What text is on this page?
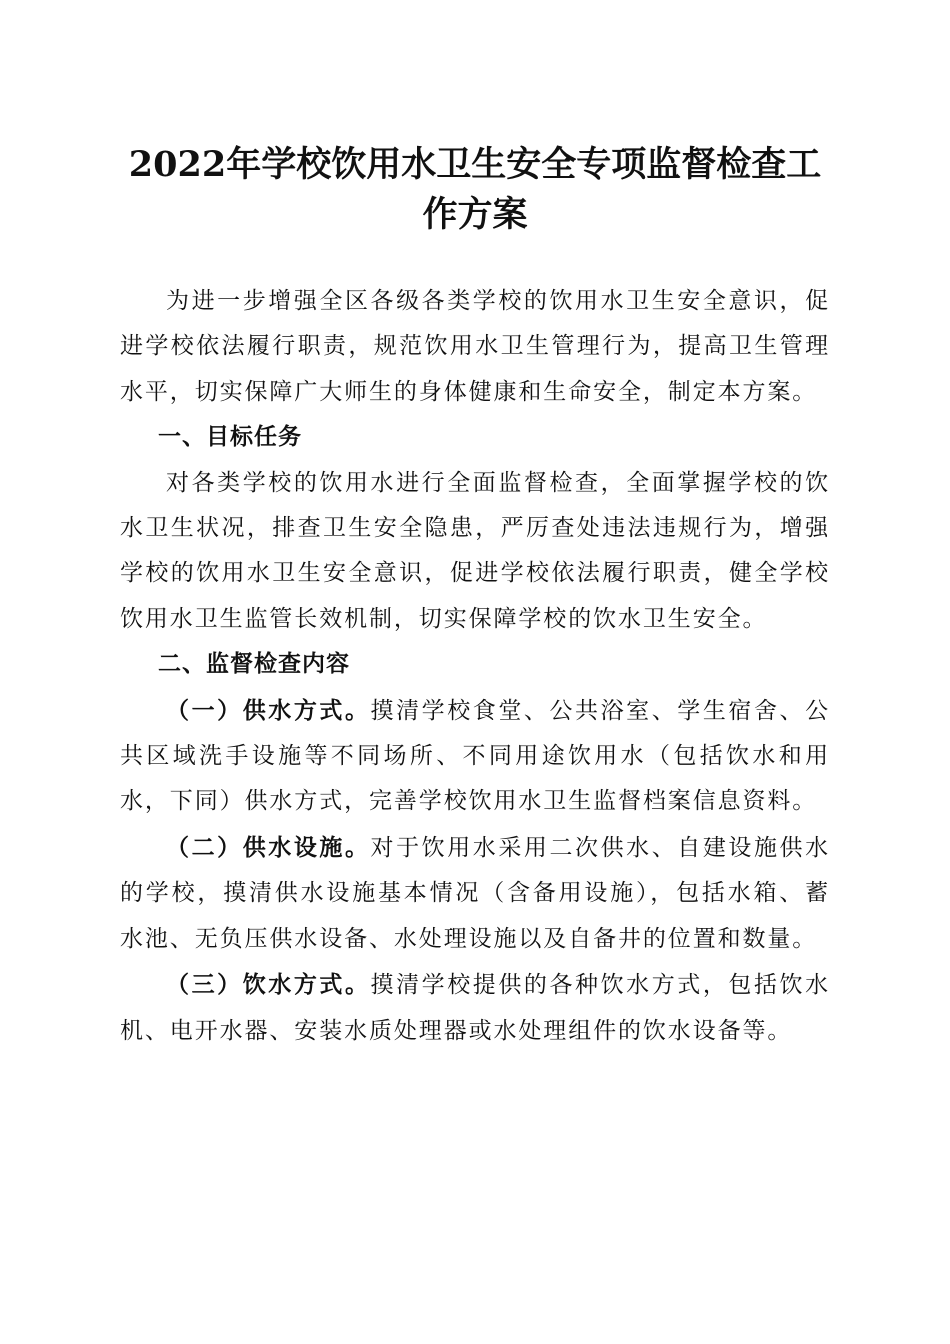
2022年学校饮用水卫生安全专项监督检查工
作方案

为进一步增强全区各级各类学校的饮用水卫生安全意识，促进学校依法履行职责，规范饮用水卫生管理行为，提高卫生管理水平，切实保障广大师生的身体健康和生命安全，制定本方案。

一、目标任务

对各类学校的饮用水进行全面监督检查，全面掌握学校的饮水卫生状况，排查卫生安全隐患，严厉查处违法违规行为，增强学校的饮用水卫生安全意识，促进学校依法履行职责，健全学校饮用水卫生监管长效机制，切实保障学校的饮水卫生安全。

二、监督检查内容

（一）供水方式。摸清学校食堂、公共浴室、学生宿舍、公共区域洗手设施等不同场所、不同用途饮用水（包括饮水和用水，下同）供水方式，完善学校饮用水卫生监督档案信息资料。

（二）供水设施。对于饮用水采用二次供水、自建设施供水的学校，摸清供水设施基本情况（含备用设施），包括水箱、蓄水池、无负压供水设备、水处理设施以及自备井的位置和数量。

（三）饮水方式。摸清学校提供的各种饮水方式，包括饮水机、电开水器、安装水质处理器或水处理组件的饮水设备等。
